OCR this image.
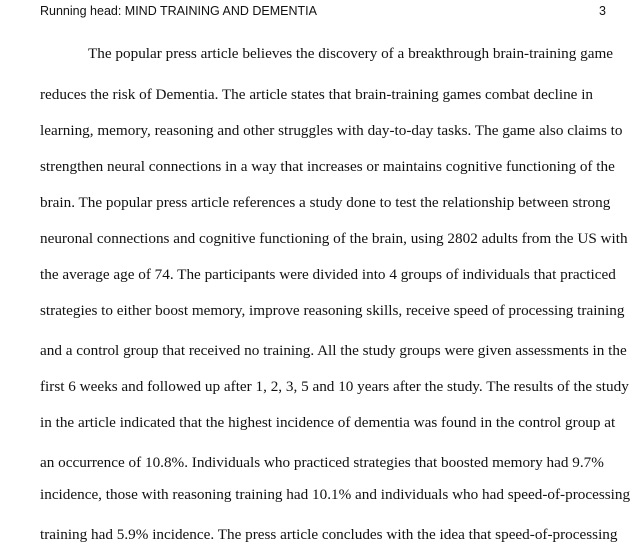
Running head: MIND TRAINING AND DEMENTIA	3
The popular press article believes the discovery of a breakthrough brain-training game
reduces the risk of Dementia. The article states that brain-training games combat decline in
learning, memory, reasoning and other struggles with day-to-day tasks. The game also claims to
strengthen neural connections in a way that increases or maintains cognitive functioning of the
brain. The popular press article references a study done to test the relationship between strong
neuronal connections and cognitive functioning of the brain, using 2802 adults from the US with
the average age of 74. The participants were divided into 4 groups of individuals that practiced
strategies to either boost memory, improve reasoning skills, receive speed of processing training
and a control group that received no training. All the study groups were given assessments in the
first 6 weeks and followed up after 1, 2, 3, 5 and 10 years after the study. The results of the study
in the article indicated that the highest incidence of dementia was found in the control group at
an occurrence of 10.8%. Individuals who practiced strategies that boosted memory had 9.7%
incidence, those with reasoning training had 10.1% and individuals who had speed-of-processing
training had 5.9% incidence. The press article concludes with the idea that speed-of-processing
